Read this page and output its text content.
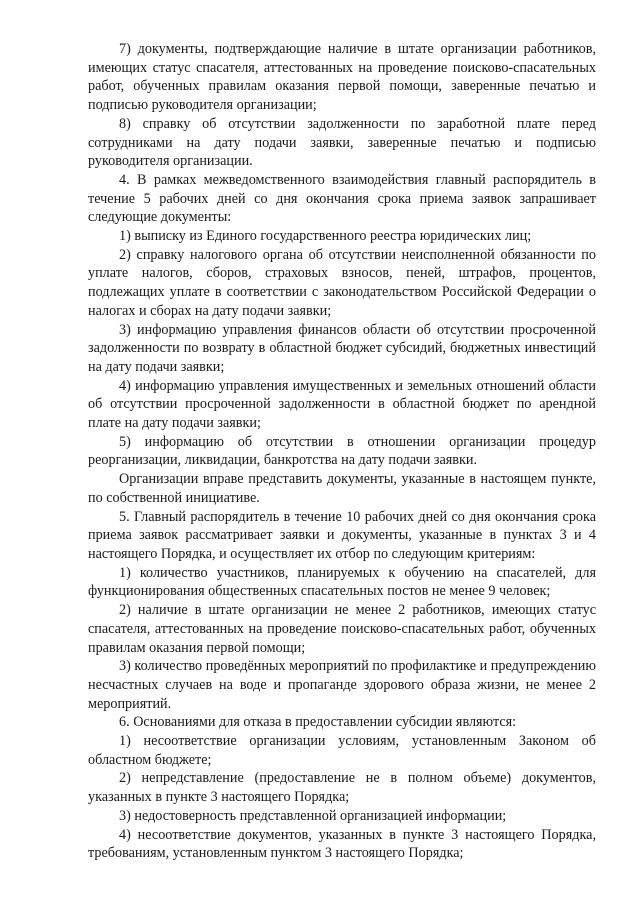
7) документы, подтверждающие наличие в штате организации работников, имеющих статус спасателя, аттестованных на проведение поисково-спасательных работ, обученных правилам оказания первой помощи, заверенные печатью и подписью руководителя организации;

8) справку об отсутствии задолженности по заработной плате перед сотрудниками на дату подачи заявки, заверенные печатью и подписью руководителя организации.

4. В рамках межведомственного взаимодействия главный распорядитель в течение 5 рабочих дней со дня окончания срока приема заявок запрашивает следующие документы:

1) выписку из Единого государственного реестра юридических лиц;

2) справку налогового органа об отсутствии неисполненной обязанности по уплате налогов, сборов, страховых взносов, пеней, штрафов, процентов, подлежащих уплате в соответствии с законодательством Российской Федерации о налогах и сборах на дату подачи заявки;

3) информацию управления финансов области об отсутствии просроченной задолженности по возврату в областной бюджет субсидий, бюджетных инвестиций на дату подачи заявки;

4) информацию управления имущественных и земельных отношений области об отсутствии просроченной задолженности в областной бюджет по арендной плате на дату подачи заявки;

5) информацию об отсутствии в отношении организации процедур реорганизации, ликвидации, банкротства на дату подачи заявки.

Организации вправе представить документы, указанные в настоящем пункте, по собственной инициативе.

5. Главный распорядитель в течение 10 рабочих дней со дня окончания срока приема заявок рассматривает заявки и документы, указанные в пунктах 3 и 4 настоящего Порядка, и осуществляет их отбор по следующим критериям:

1) количество участников, планируемых к обучению на спасателей, для функционирования общественных спасательных постов не менее 9 человек;

2) наличие в штате организации не менее 2 работников, имеющих статус спасателя, аттестованных на проведение поисково-спасательных работ, обученных правилам оказания первой помощи;

3) количество проведённых мероприятий по профилактике и предупреждению несчастных случаев на воде и пропаганде здорового образа жизни, не менее 2 мероприятий.

6. Основаниями для отказа в предоставлении субсидии являются:

1) несоответствие организации условиям, установленным Законом об областном бюджете;

2) непредставление (предоставление не в полном объеме) документов, указанных в пункте 3 настоящего Порядка;

3) недостоверность представленной организацией информации;

4) несоответствие документов, указанных в пункте 3 настоящего Порядка, требованиям, установленным пунктом 3 настоящего Порядка;
